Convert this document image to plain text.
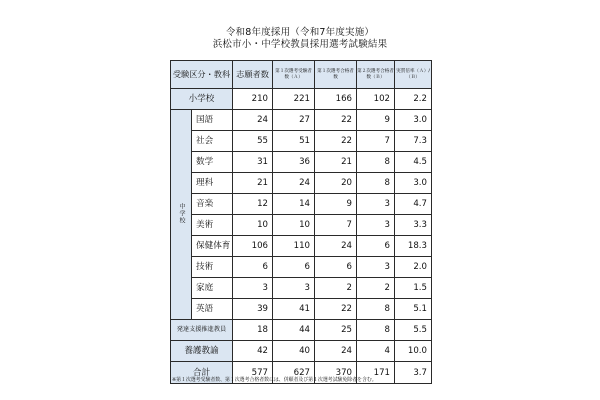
令和8年度採用（令和7年度実施）
浜松市小・中学校教員採用選考試験結果
受験区分・教科		志願者数	第１次選考受験者数（Ａ）	第１次選考合格者数	第２次選考合格者数（Ｂ）	実質倍率（Ａ）/（Ｂ）

小学校		210	221	166	102	2.2
中学校	国語	24	27	22	9	3.0
	社会	55	51	22	7	7.3
	数学	31	36	21	8	4.5
	理科	21	24	20	8	3.0
	音楽	12	14	9	3	4.7
	美術	10	10	7	3	3.3
	保健体育	106	110	24	6	18.3
	技術	6	6	6	3	2.0
	家庭	3	3	2	2	1.5
	英語	39	41	22	8	5.1
発達支援推進教員		18	44	25	8	5.5
養護教諭		42	40	24	4	10.0
合計		577	627	370	171	3.7
※第１次選考受験者数、第１次選考合格者数には、併願者及び第１次選考試験免除者を含む。
